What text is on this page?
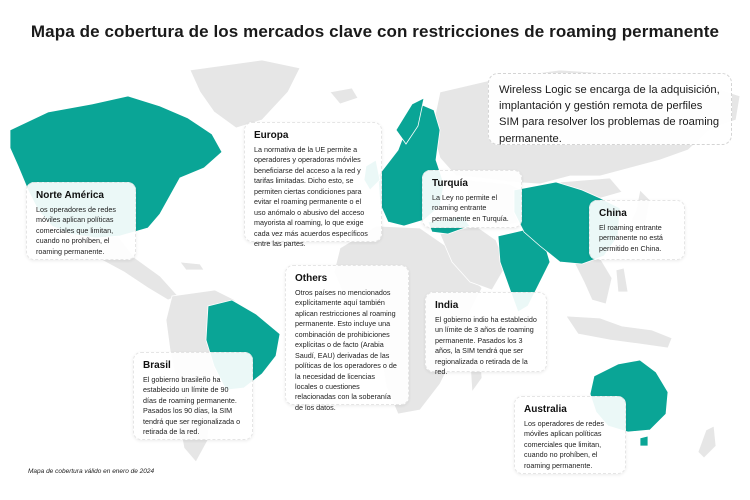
Mapa de cobertura de los mercados clave con restricciones de roaming permanente

Wireless Logic se encarga de la adquisición, implantación y gestión remota de perfiles SIM para resolver los problemas de roaming permanente.

Norte América

Los operadores de redes móviles aplican políticas comerciales que limitan, cuando no prohíben, el roaming permanente.

Europa

La normativa de la UE permite a operadores y operadoras móviles beneficiarse del acceso a la red y tarifas limitadas. Dicho esto, se permiten ciertas condiciones para evitar el roaming permanente o el uso anómalo o abusivo del acceso mayorista al roaming, lo que exige cada vez más acuerdos específicos entre las partes.

Turquía

La Ley no permite el roaming entrante permanente en Turquía.	China

El roaming entrante permanente no está permitido en China.

Others

Otros países no mencionados explícitamente aquí también aplican restricciones al roaming permanente. Esto incluye una combinación de prohibiciones explícitas o de facto (Arabia Saudí, EAU) derivadas de las políticas de los operadores o de la necesidad de licencias locales o cuestiones relacionadas con la soberanía de los datos.

India

El gobierno indio ha establecido un límite de 3 años de roaming permanente. Pasados los 3 años, la SIM tendrá que ser regionalizada o retirada de la red.

Brasil

El gobierno brasileño ha establecido un límite de 90 días de roaming permanente. Pasados los 90 días, la SIM tendrá que ser regionalizada o retirada de la red.

Australia

Los operadores de redes móviles aplican políticas comerciales que limitan, cuando no prohíben, el roaming permanente.

Mapa de cobertura válido en enero de 2024
